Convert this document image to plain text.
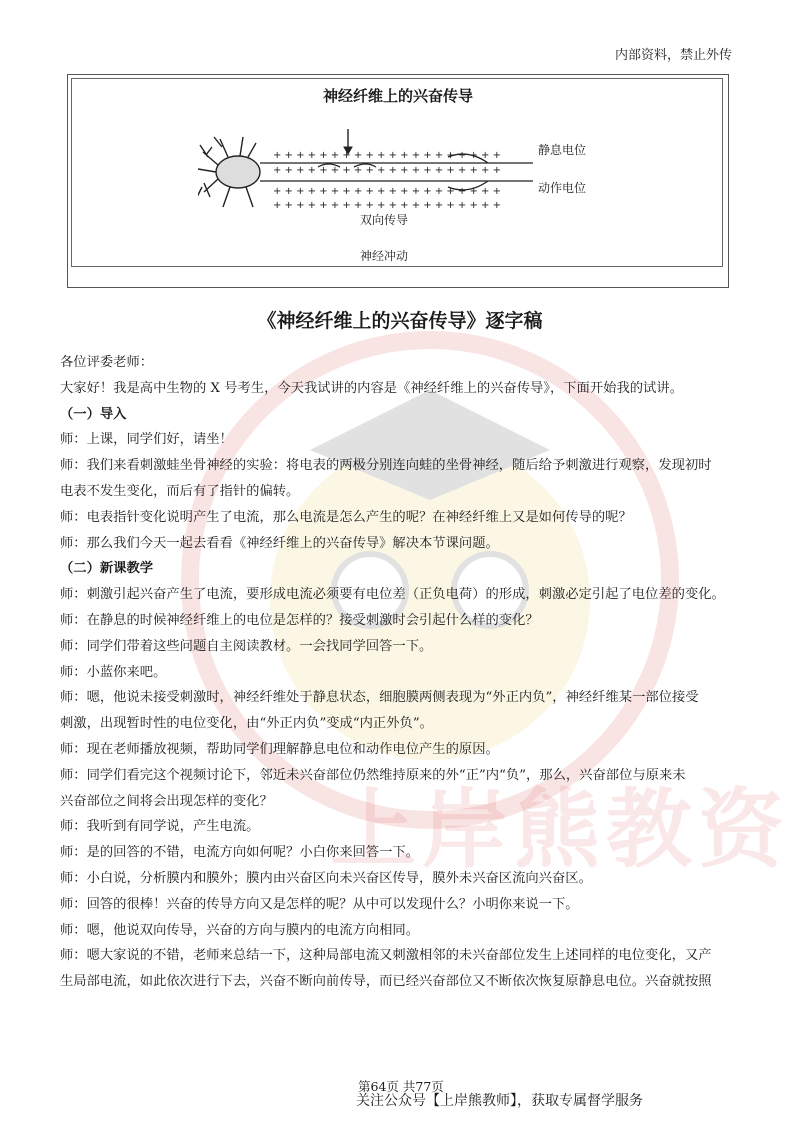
上岸熊教资
内部资料，禁止外传
神经纤维上的兴奋传导
+ + + + + + + + + + + + + + + + + + + +
+ + + + + + + + + + + + + + + + + + + +
+ + + + + + + + + + + + + + + + + + + +
+ + + + + + + + + + + + + + + + + + + +
静息电位
动作电位
双向传导
神经冲动
《神经纤维上的兴奋传导》逐字稿
各位评委老师：
大家好！我是高中生物的 X 号考生，今天我试讲的内容是《神经纤维上的兴奋传导》，下面开始我的试讲。
（一）导入
师：上课，同学们好，请坐！
师：我们来看刺激蛙坐骨神经的实验：将电表的两极分别连向蛙的坐骨神经，随后给予刺激进行观察，发现初时
电表不发生变化，而后有了指针的偏转。
师：电表指针变化说明产生了电流，那么电流是怎么产生的呢？在神经纤维上又是如何传导的呢？
师：那么我们今天一起去看看《神经纤维上的兴奋传导》解决本节课问题。
（二）新课教学
师：刺激引起兴奋产生了电流，要形成电流必须要有电位差（正负电荷）的形成，刺激必定引起了电位差的变化。
师：在静息的时候神经纤维上的电位是怎样的？接受刺激时会引起什么样的变化？
师：同学们带着这些问题自主阅读教材。一会找同学回答一下。
师：小蓝你来吧。
师：嗯，他说未接受刺激时，神经纤维处于静息状态，细胞膜两侧表现为“外正内负”，神经纤维某一部位接受
刺激，出现暂时性的电位变化，由“外正内负”变成“内正外负”。
师：现在老师播放视频，帮助同学们理解静息电位和动作电位产生的原因。
师：同学们看完这个视频讨论下，邻近未兴奋部位仍然维持原来的外“正”内“负”，那么，兴奋部位与原来未
兴奋部位之间将会出现怎样的变化？
师：我听到有同学说，产生电流。
师：是的回答的不错，电流方向如何呢？小白你来回答一下。
师：小白说，分析膜内和膜外；膜内由兴奋区向未兴奋区传导，膜外未兴奋区流向兴奋区。
师：回答的很棒！兴奋的传导方向又是怎样的呢？从中可以发现什么？小明你来说一下。
师：嗯，他说双向传导，兴奋的方向与膜内的电流方向相同。
师：嗯大家说的不错，老师来总结一下，这种局部电流又刺激相邻的未兴奋部位发生上述同样的电位变化，又产
生局部电流，如此依次进行下去，兴奋不断向前传导，而已经兴奋部位又不断依次恢复原静息电位。兴奋就按照
第64页 共77页
关注公众号【上岸熊教师】，获取专属督学服务
